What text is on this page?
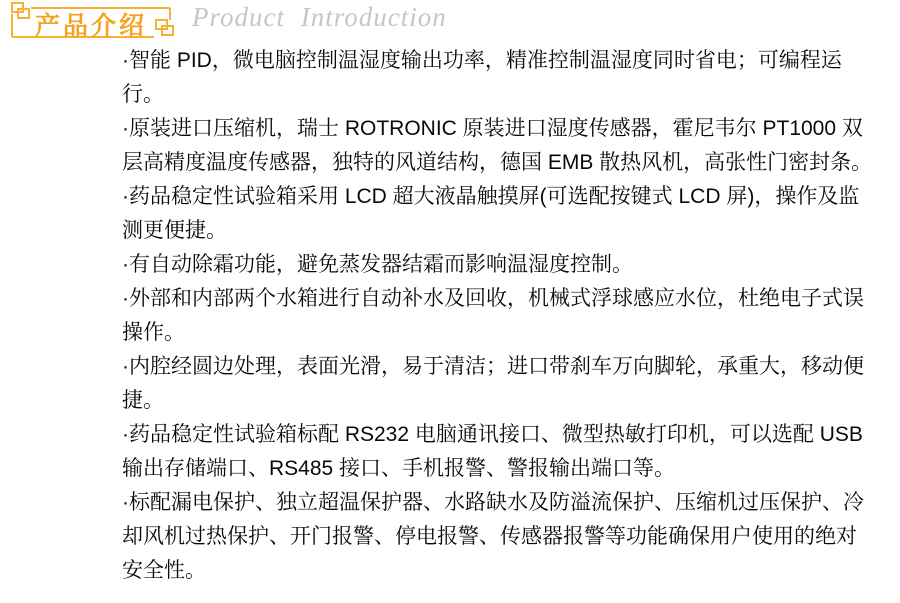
产品介绍 Product Introduction

·智能 PID，微电脑控制温湿度输出功率，精准控制温湿度同时省电；可编程运行。

·原装进口压缩机，瑞士 ROTRONIC 原装进口湿度传感器，霍尼韦尔 PT1000 双层高精度温度传感器，独特的风道结构，德国 EMB 散热风机，高张性门密封条。

·药品稳定性试验箱采用 LCD 超大液晶触摸屏(可选配按键式 LCD 屏)，操作及监测更便捷。

·有自动除霜功能，避免蒸发器结霜而影响温湿度控制。

·外部和内部两个水箱进行自动补水及回收，机械式浮球感应水位，杜绝电子式误操作。

·内腔经圆边处理，表面光滑，易于清洁；进口带刹车万向脚轮，承重大，移动便捷。

·药品稳定性试验箱标配 RS232 电脑通讯接口、微型热敏打印机，可以选配 USB 输出存储端口、RS485 接口、手机报警、警报输出端口等。

·标配漏电保护、独立超温保护器、水路缺水及防溢流保护、压缩机过压保护、冷却风机过热保护、开门报警、停电报警、传感器报警等功能确保用户使用的绝对安全性。
